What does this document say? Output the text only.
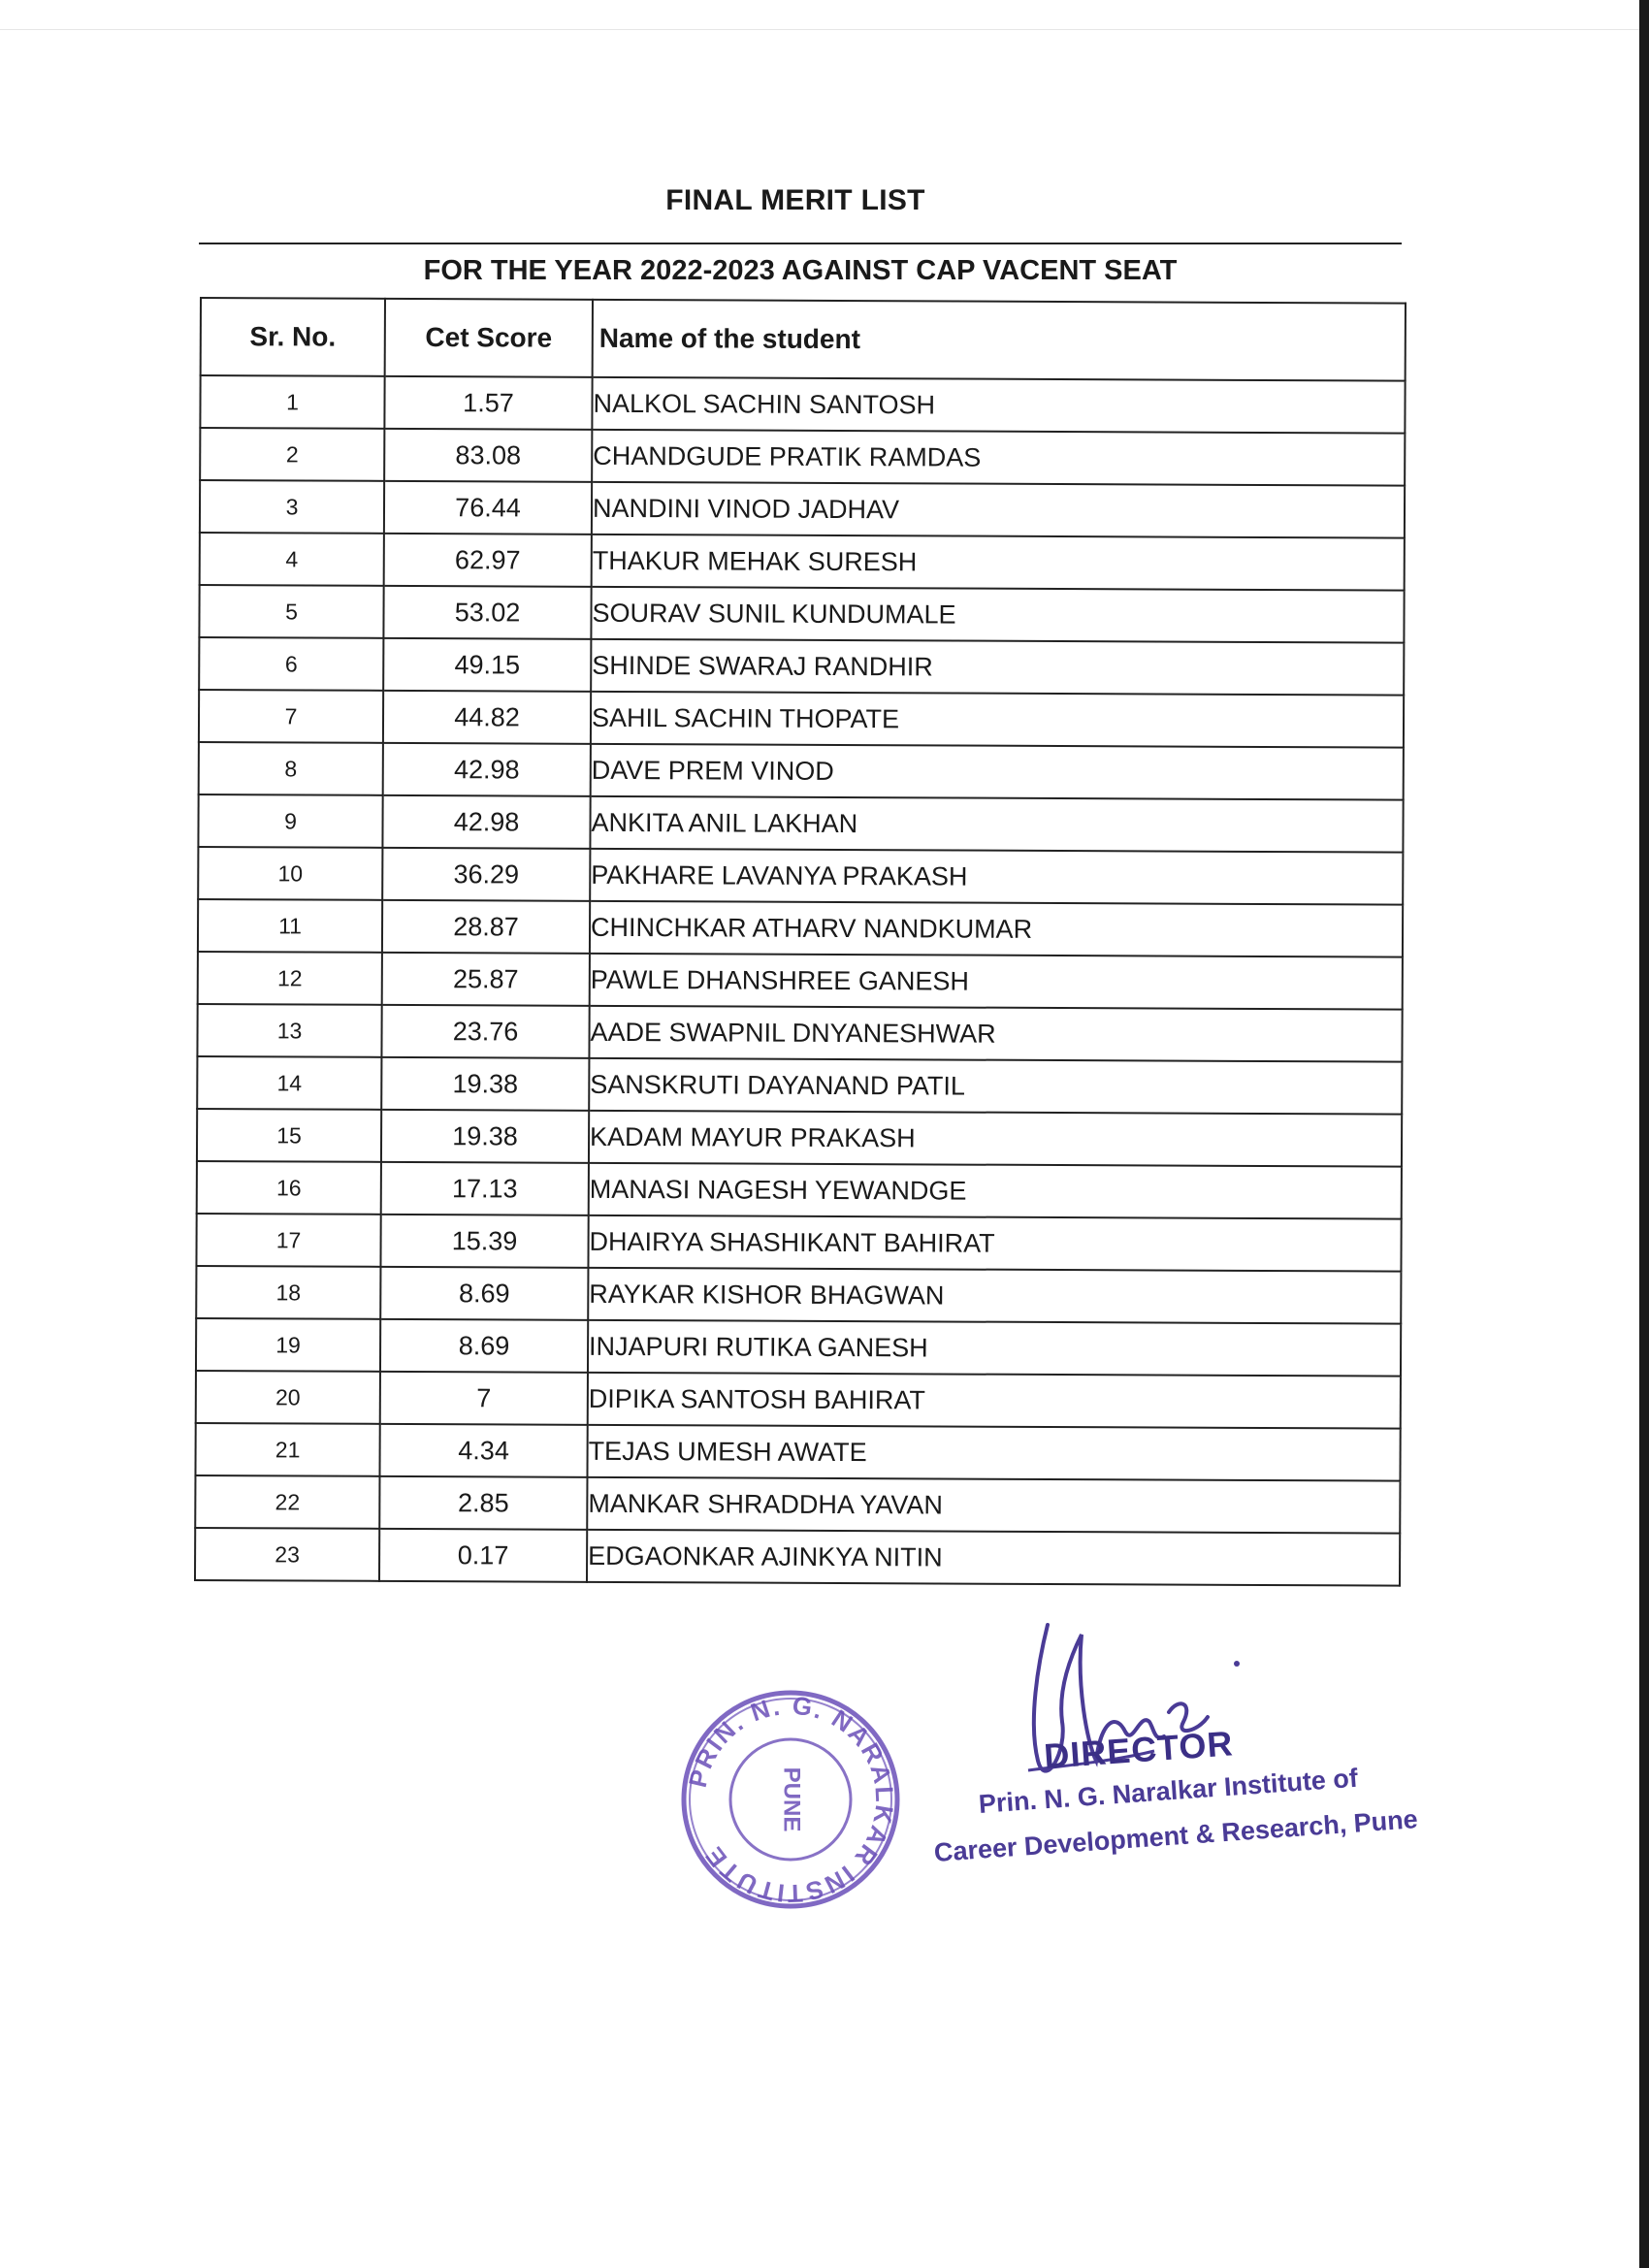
FINAL MERIT LIST
FOR THE YEAR 2022-2023 AGAINST CAP VACENT SEAT
Sr. No.	Cet Score	Name of the student
1	1.57	NALKOL SACHIN SANTOSH
2	83.08	CHANDGUDE PRATIK RAMDAS
3	76.44	NANDINI VINOD JADHAV
4	62.97	THAKUR MEHAK SURESH
5	53.02	SOURAV SUNIL KUNDUMALE
6	49.15	SHINDE SWARAJ RANDHIR
7	44.82	SAHIL SACHIN THOPATE
8	42.98	DAVE PREM VINOD
9	42.98	ANKITA ANIL LAKHAN
10	36.29	PAKHARE LAVANYA PRAKASH
11	28.87	CHINCHKAR ATHARV NANDKUMAR
12	25.87	PAWLE DHANSHREE GANESH
13	23.76	AADE SWAPNIL DNYANESHWAR
14	19.38	SANSKRUTI DAYANAND PATIL
15	19.38	KADAM MAYUR PRAKASH
16	17.13	MANASI NAGESH YEWANDGE
17	15.39	DHAIRYA SHASHIKANT BAHIRAT
18	8.69	RAYKAR KISHOR BHAGWAN
19	8.69	INJAPURI RUTIKA GANESH
20	7	DIPIKA SANTOSH BAHIRAT
21	4.34	TEJAS UMESH AWATE
22	2.85	MANKAR SHRADDHA YAVAN
23	0.17	EDGAONKAR AJINKYA NITIN
PRIN. N. G. NARALKAR INSTITUTE
PUNE
DIRECTOR
Prin. N. G. Naralkar Institute of
Career Development & Research, Pune
